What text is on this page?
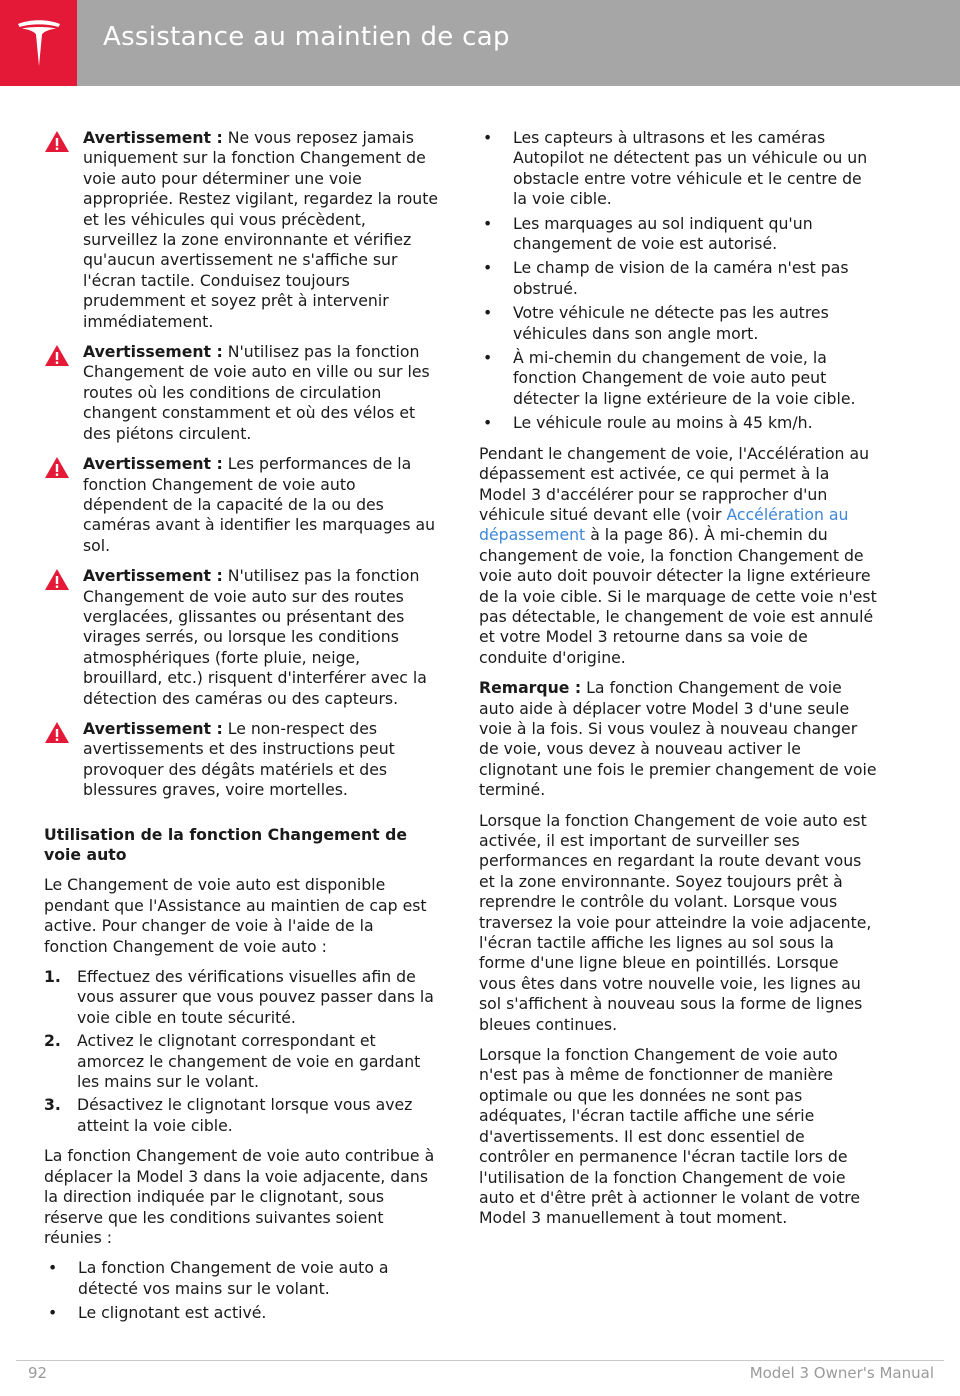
Assistance au maintien de cap
Avertissement : Ne vous reposez jamais uniquement sur la fonction Changement de voie auto pour déterminer une voie appropriée. Restez vigilant, regardez la route et les véhicules qui vous précèdent, surveillez la zone environnante et vérifiez qu'aucun avertissement ne s'affiche sur l'écran tactile. Conduisez toujours prudemment et soyez prêt à intervenir immédiatement.
Avertissement : N'utilisez pas la fonction Changement de voie auto en ville ou sur les routes où les conditions de circulation changent constamment et où des vélos et des piétons circulent.
Avertissement : Les performances de la fonction Changement de voie auto dépendent de la capacité de la ou des caméras avant à identifier les marquages au sol.
Avertissement : N'utilisez pas la fonction Changement de voie auto sur des routes verglacées, glissantes ou présentant des virages serrés, ou lorsque les conditions atmosphériques (forte pluie, neige, brouillard, etc.) risquent d'interférer avec la détection des caméras ou des capteurs.
Avertissement : Le non-respect des avertissements et des instructions peut provoquer des dégâts matériels et des blessures graves, voire mortelles.
Utilisation de la fonction Changement de voie auto

Le Changement de voie auto est disponible pendant que l'Assistance au maintien de cap est active. Pour changer de voie à l'aide de la fonction Changement de voie auto :

1. Effectuez des vérifications visuelles afin de vous assurer que vous pouvez passer dans la voie cible en toute sécurité.
2. Activez le clignotant correspondant et amorcez le changement de voie en gardant les mains sur le volant.
3. Désactivez le clignotant lorsque vous avez atteint la voie cible.

La fonction Changement de voie auto contribue à déplacer la Model 3 dans la voie adjacente, dans la direction indiquée par le clignotant, sous réserve que les conditions suivantes soient réunies :

• La fonction Changement de voie auto a détecté vos mains sur le volant.
• Le clignotant est activé.
• Les capteurs à ultrasons et les caméras Autopilot ne détectent pas un véhicule ou un obstacle entre votre véhicule et le centre de la voie cible.
• Les marquages au sol indiquent qu'un changement de voie est autorisé.
• Le champ de vision de la caméra n'est pas obstrué.
• Votre véhicule ne détecte pas les autres véhicules dans son angle mort.
• À mi-chemin du changement de voie, la fonction Changement de voie auto peut détecter la ligne extérieure de la voie cible.
• Le véhicule roule au moins à 45 km/h.

Pendant le changement de voie, l'Accélération au dépassement est activée, ce qui permet à la Model 3 d'accélérer pour se rapprocher d'un véhicule situé devant elle (voir Accélération au dépassement à la page 86). À mi-chemin du changement de voie, la fonction Changement de voie auto doit pouvoir détecter la ligne extérieure de la voie cible. Si le marquage de cette voie n'est pas détectable, le changement de voie est annulé et votre Model 3 retourne dans sa voie de conduite d'origine.

Remarque : La fonction Changement de voie auto aide à déplacer votre Model 3 d'une seule voie à la fois. Si vous voulez à nouveau changer de voie, vous devez à nouveau activer le clignotant une fois le premier changement de voie terminé.

Lorsque la fonction Changement de voie auto est activée, il est important de surveiller ses performances en regardant la route devant vous et la zone environnante. Soyez toujours prêt à reprendre le contrôle du volant. Lorsque vous traversez la voie pour atteindre la voie adjacente, l'écran tactile affiche les lignes au sol sous la forme d'une ligne bleue en pointillés. Lorsque vous êtes dans votre nouvelle voie, les lignes au sol s'affichent à nouveau sous la forme de lignes bleues continues.

Lorsque la fonction Changement de voie auto n'est pas à même de fonctionner de manière optimale ou que les données ne sont pas adéquates, l'écran tactile affiche une série d'avertissements. Il est donc essentiel de contrôler en permanence l'écran tactile lors de l'utilisation de la fonction Changement de voie auto et d'être prêt à actionner le volant de votre Model 3 manuellement à tout moment.

92	Model 3 Owner's Manual
